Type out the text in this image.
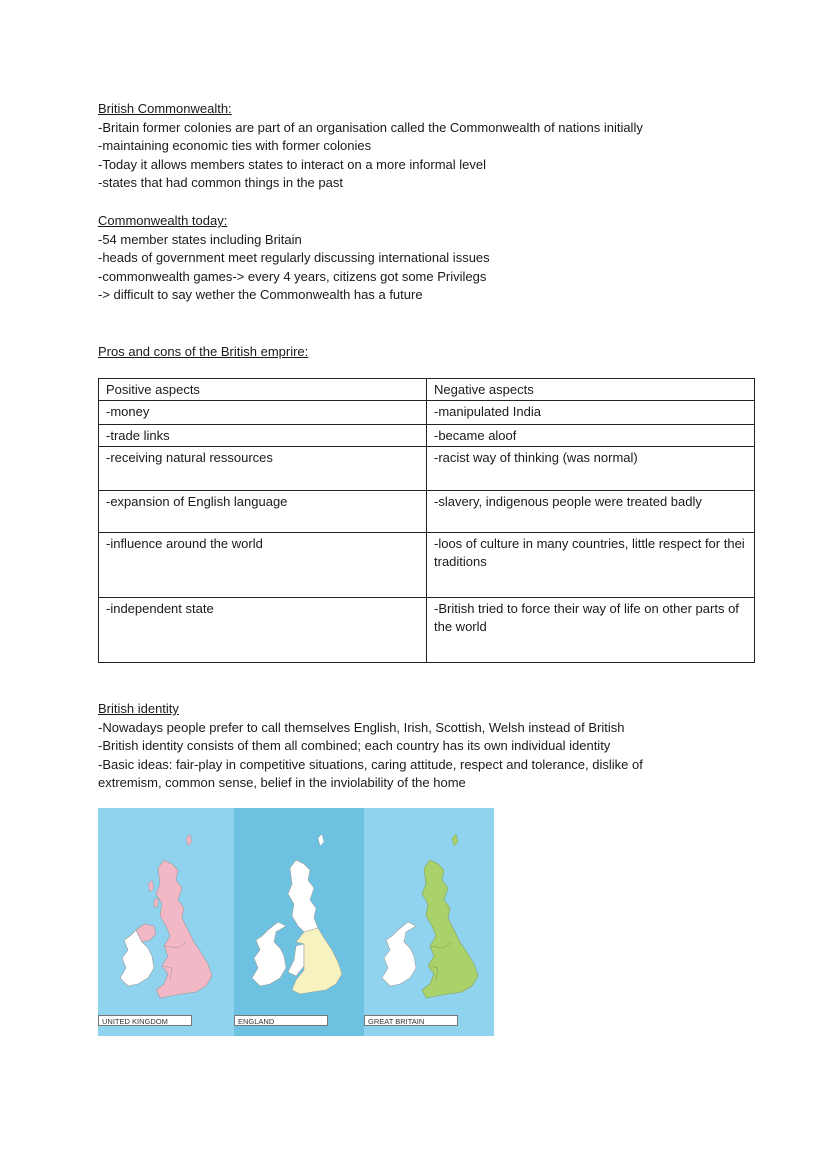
British Commonwealth:
-Britain former colonies are part of an organisation called the Commonwealth of nations initially
-maintaining economic ties with former colonies
-Today it allows members states to interact on a more informal level
-states that had common things in the past
Commonwealth today:
-54 member states including Britain
-heads of government meet regularly discussing international issues
-commonwealth games-> every 4 years, citizens got some Privilegs
-> difficult to say wether the Commonwealth has a future
Pros and cons of the British emprire:
Positive aspects	Negative aspects
-money	-manipulated India
-trade links	-became aloof
-receiving natural ressources	-racist way of thinking (was normal)
-expansion of English language	-slavery, indigenous people were treated badly
-influence around the world	-loos of culture in many countries, little respect for thei traditions
-independent state	-British tried to force their way of life on other parts of the world
British identity
-Nowadays people prefer to call themselves English, Irish, Scottish, Welsh instead of British
-British identity consists of them all combined; each country has its own individual identity
-Basic ideas: fair-play in competitive situations, caring attitude, respect and tolerance, dislike of extremism, common sense, belief in the inviolability of the home
UNITED KINGDOM	ENGLAND	GREAT BRITAIN
